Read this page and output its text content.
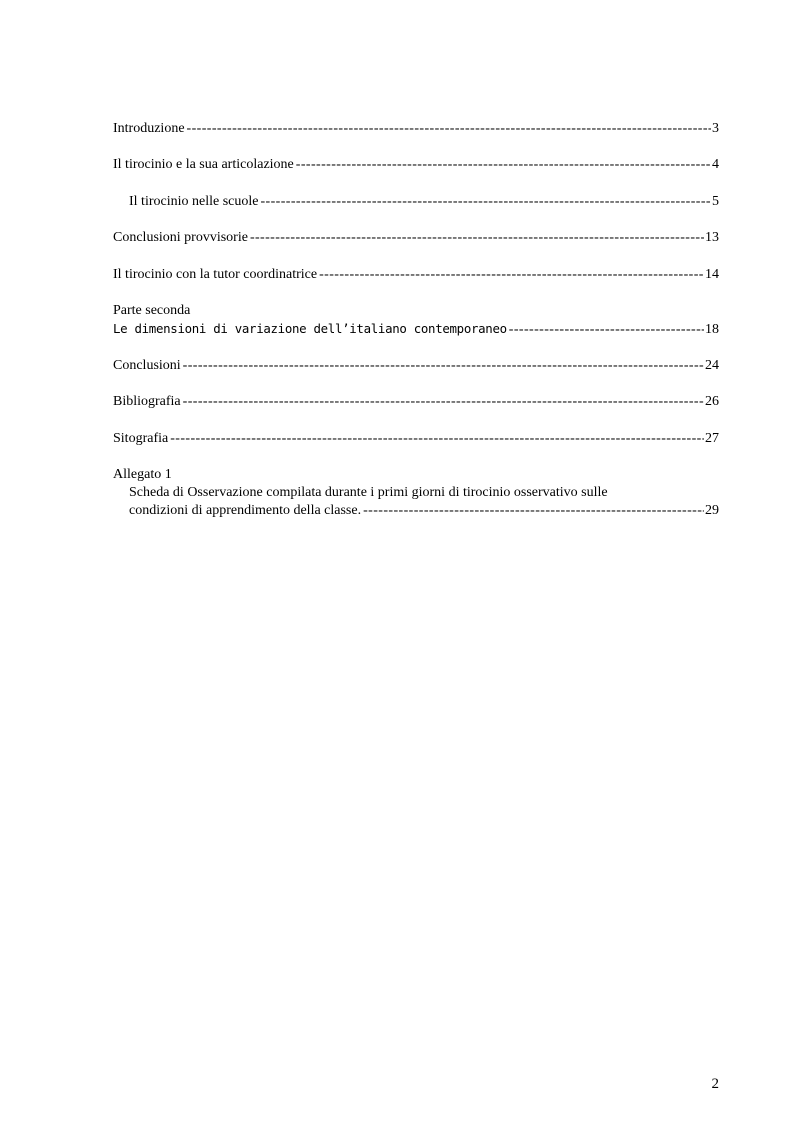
Introduzione -----	3
Il tirocinio e la sua articolazione -----	4
Il tirocinio nelle scuole -----	5
Conclusioni provvisorie -----	13
Il tirocinio con la tutor coordinatrice -----	14
Parte seconda
Le dimensioni di variazione dell’italiano contemporaneo -----	18
Conclusioni -----	24
Bibliografia -----	26
Sitografia -----	27
Allegato 1
Scheda di Osservazione compilata durante i primi giorni di tirocinio osservativo sulle
condizioni di apprendimento della classe. -----	29
2
